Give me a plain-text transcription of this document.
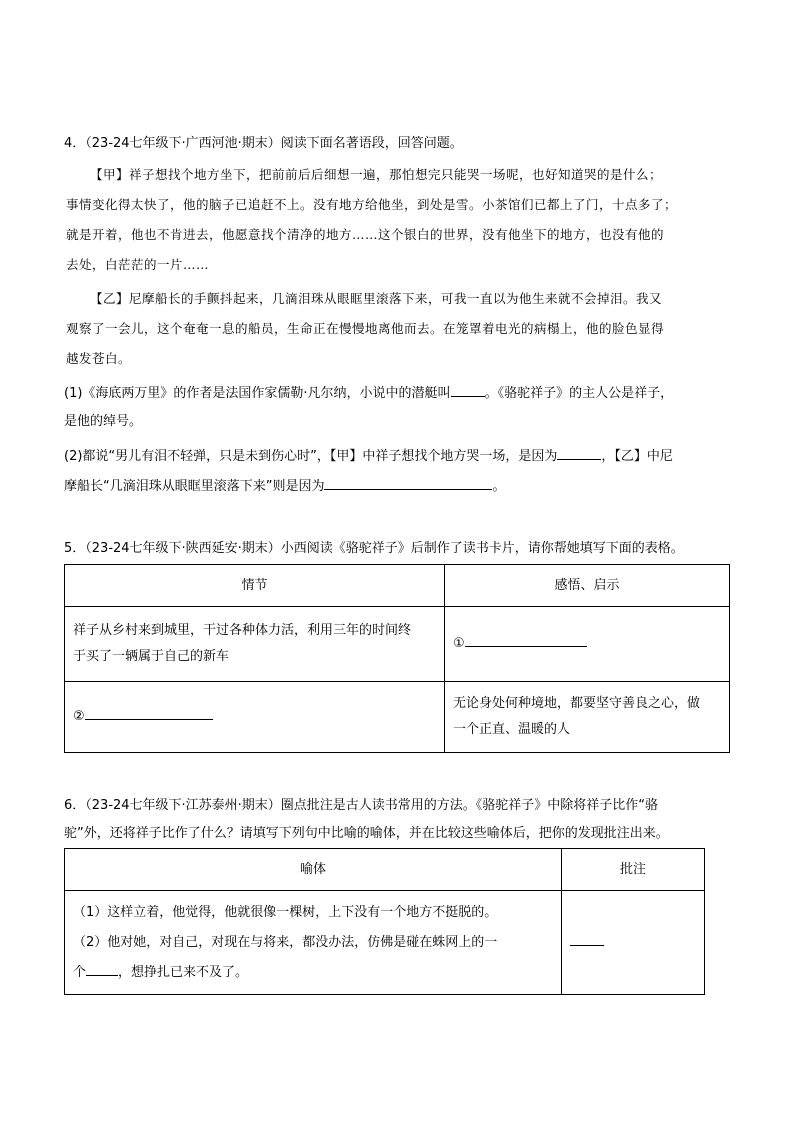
4．（23-24七年级下·广西河池·期末）阅读下面名著语段，回答问题。
【甲】祥子想找个地方坐下，把前前后后细想一遍，那怕想完只能哭一场呢，也好知道哭的是什么；
事情变化得太快了，他的脑子已追赶不上。没有地方给他坐，到处是雪。小茶馆们已都上了门，十点多了；
就是开着，他也不肯进去，他愿意找个清净的地方……这个银白的世界，没有他坐下的地方，也没有他的
去处，白茫茫的一片……
【乙】尼摩船长的手颤抖起来，几滴泪珠从眼眶里滚落下来，可我一直以为他生来就不会掉泪。我又
观察了一会儿，这个奄奄一息的船员，生命正在慢慢地离他而去。在笼罩着电光的病榻上，他的脸色显得
越发苍白。
(1)《海底两万里》的作者是法国作家儒勒·凡尔纳，小说中的潜艇叫	。《骆驼祥子》的主人公是祥子，
是他的绰号。
(2)都说“男儿有泪不轻弹，只是未到伤心时”，【甲】中祥子想找个地方哭一场，是因为	，【乙】中尼
摩船长“几滴泪珠从眼眶里滚落下来”则是因为	。
5．（23-24七年级下·陕西延安·期末）小西阅读《骆驼祥子》后制作了读书卡片，请你帮她填写下面的表格。
情节	感悟、启示

祥子从乡村来到城里，干过各种体力活，利用三年的时间终
于买了一辆属于自己的新车	①
②	无论身处何种境地，都要坚守善良之心，做
一个正直、温暖的人
6．（23-24七年级下·江苏泰州·期末）圈点批注是古人读书常用的方法。《骆驼祥子》中除将祥子比作“骆
驼”外，还将祥子比作了什么？请填写下列句中比喻的喻体，并在比较这些喻体后，把你的发现批注出来。
喻体	批注

（1）这样立着，他觉得，他就很像一棵树，上下没有一个地方不挺脱的。
（2）他对她，对自己，对现在与将来，都没办法，仿佛是碰在蛛网上的一
个 ，想挣扎已来不及了。	
